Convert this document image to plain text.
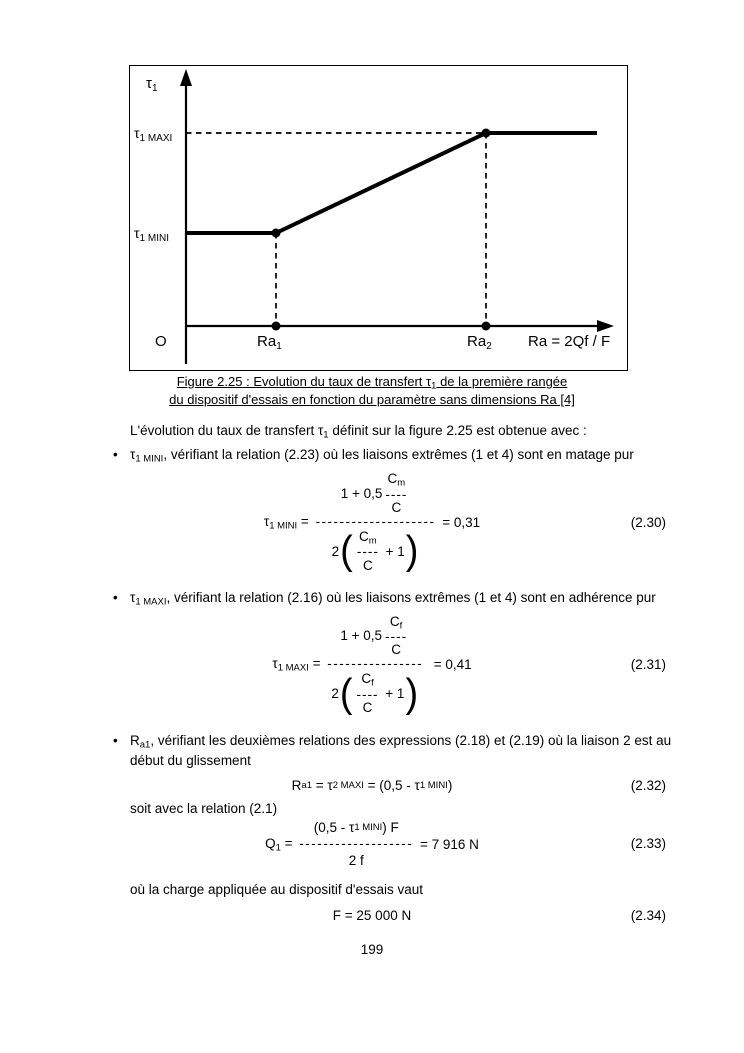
$\tau_1$
$\tau_{1 MAXI}$
$\tau_{1 MINI}$
O	$Ra_1$	$Ra_2$ Ra = 2Qf / F
Figure 2.25 : Evolution du taux de transfert $\tau_1$ de la première rangée
du dispositif d'essais en fonction du paramètre sans dimensions Ra [4]

L'évolution du taux de transfert $\tau_1$ définit sur la figure 2.25 est obtenue avec :

• $\tau_{1 MINI}$, vérifiant la relation (2.23) où les liaisons extrêmes (1 et 4) sont en matage pur
$\tau_{1 MINI}$ =
1 + 0,5
$C_m$
----
C
--------------------
2 ( $C_m$
----
C
+ 1 )
= 0,31	(2.30)
• $\tau_{1 MAXI}$, vérifiant la relation (2.16) où les liaisons extrêmes (1 et 4) sont en adhérence pur
$\tau_{1 MAXI}$ =
1 + 0,5
$C_f$
----
C
----------------
2 ( $C_f$
----
C
+ 1 )
= 0,41	(2.31)
• $R_{a1}$, vérifiant les deuxièmes relations des expressions (2.18) et (2.19) où la liaison 2 est au début du glissement
R a1 = τ 2 MAXI = (0,5 - τ 1 MINI )	(2.32)

soit avec la relation (2.1)

$Q_1$ =
(0,5 - τ 1 MINI ) F
-------------------
2 f
= 7 916 N	(2.33)

où la charge appliquée au dispositif d'essais vaut

F = 25 000 N	(2.34)
199
